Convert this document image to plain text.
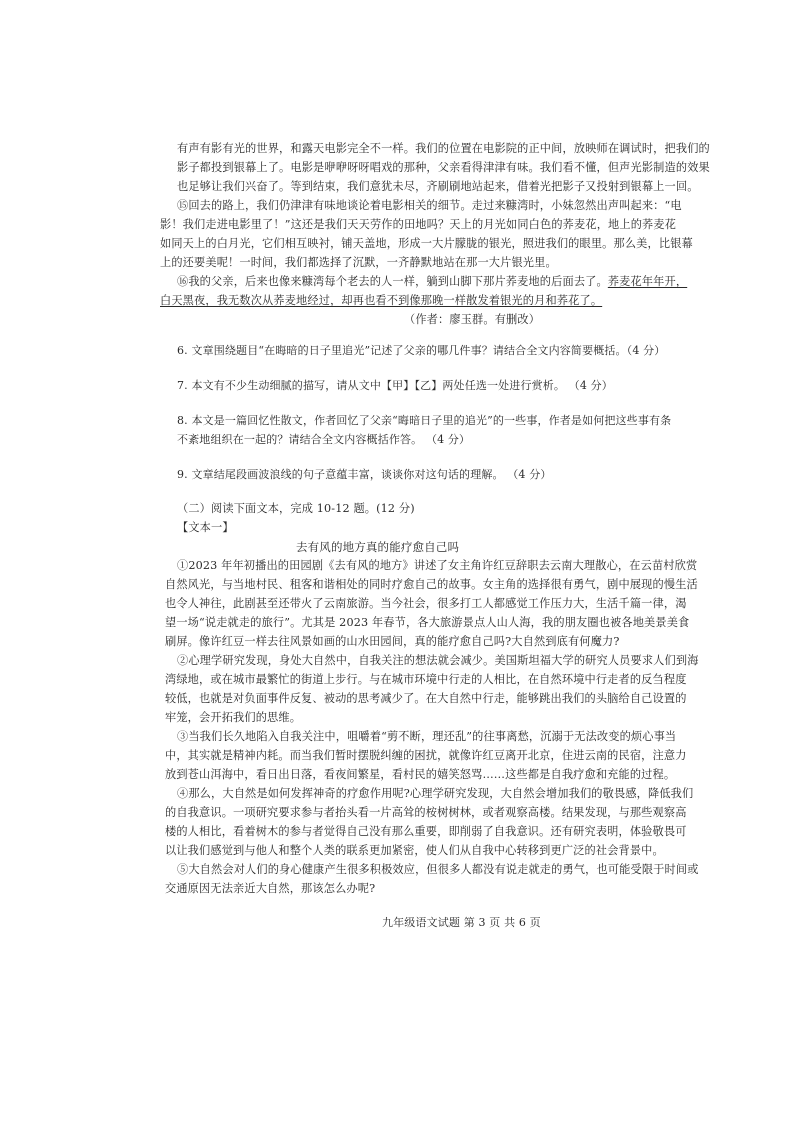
有声有影有光的世界，和露天电影完全不一样。我们的位置在电影院的正中间，放映师在调试时，把我们的
影子都投到银幕上了。电影是咿咿呀呀唱戏的那种，父亲看得津津有味。我们看不懂，但声光影制造的效果
也足够让我们兴奋了。等到结束，我们意犹未尽，齐刷刷地站起来，借着光把影子又投射到银幕上一回。
⑮回去的路上，我们仍津津有味地谈论着电影相关的细节。走过来糠湾时，小妹忽然出声叫起来：“电
影！我们走进电影里了！”这还是我们天天劳作的田地吗？天上的月光如同白色的荞麦花，地上的荞麦花
如同天上的白月光，它们相互映衬，铺天盖地，形成一大片朦胧的银光，照进我们的眼里。那么美，比银幕
上的还要美呢！一时间，我们都选择了沉默，一齐静默地站在那一大片银光里。
⑯我的父亲，后来也像来糠湾每个老去的人一样，躺到山脚下那片荞麦地的后面去了。荞麦花年年开，
白天黑夜，我无数次从荞麦地经过，却再也看不到像那晚一样散发着银光的月和荞花了。
（作者：廖玉群。有删改）
6. 文章围绕题目“在晦暗的日子里追光”记述了父亲的哪几件事？请结合全文内容简要概括。（4 分）
7. 本文有不少生动细腻的描写，请从文中【甲】【乙】两处任选一处进行赏析。 （4 分）
8. 本文是一篇回忆性散文，作者回忆了父亲“晦暗日子里的追光”的一些事，作者是如何把这些事有条
不紊地组织在一起的？请结合全文内容概括作答。 （4 分）
9. 文章结尾段画波浪线的句子意蕴丰富，谈谈你对这句话的理解。 （4 分）
（二）阅读下面文本，完成 10-12 题。(12 分)
【文本一】
去有风的地方真的能疗愈自己吗
①2023 年年初播出的田园剧《去有风的地方》讲述了女主角许红豆辞职去云南大理散心，在云苗村欣赏
自然风光，与当地村民、租客和谐相处的同时疗愈自己的故事。女主角的选择很有勇气，剧中展现的慢生活
也令人神往，此剧甚至还带火了云南旅游。当今社会，很多打工人都感觉工作压力大，生活千篇一律，渴
望一场“说走就走的旅行”。尤其是 2023 年春节，各大旅游景点人山人海，我的朋友圈也被各地美景美食
刷屏。像许红豆一样去往风景如画的山水田园间，真的能疗愈自己吗?大自然到底有何魔力?
②心理学研究发现，身处大自然中，自我关注的想法就会减少。美国斯坦福大学的研究人员要求人们到海
湾绿地，或在城市最繁忙的街道上步行。与在城市环境中行走的人相比，在自然环境中行走者的反刍程度
较低，也就是对负面事件反复、被动的思考减少了。在大自然中行走，能够跳出我们的头脑给自己设置的
牢笼，会开拓我们的思维。
③当我们长久地陷入自我关注中，咀嚼着“剪不断，理还乱”的往事离愁，沉溺于无法改变的烦心事当
中，其实就是精神内耗。而当我们暂时摆脱纠缠的困扰，就像许红豆离开北京，住进云南的民宿，注意力
放到苍山洱海中，看日出日落，看夜间繁星，看村民的嬉笑怒骂……这些都是自我疗愈和充能的过程。
④那么，大自然是如何发挥神奇的疗愈作用呢?心理学研究发现，大自然会增加我们的敬畏感，降低我们
的自我意识。一项研究要求参与者抬头看一片高耸的桉树树林，或者观察高楼。结果发现，与那些观察高
楼的人相比，看着树木的参与者觉得自己没有那么重要，即削弱了自我意识。还有研究表明，体验敬畏可
以让我们感觉到与他人和整个人类的联系更加紧密，使人们从自我中心转移到更广泛的社会背景中。
⑤大自然会对人们的身心健康产生很多积极效应，但很多人都没有说走就走的勇气，也可能受限于时间或
交通原因无法亲近大自然，那该怎么办呢?
九年级语文试题 第 3 页 共 6 页
